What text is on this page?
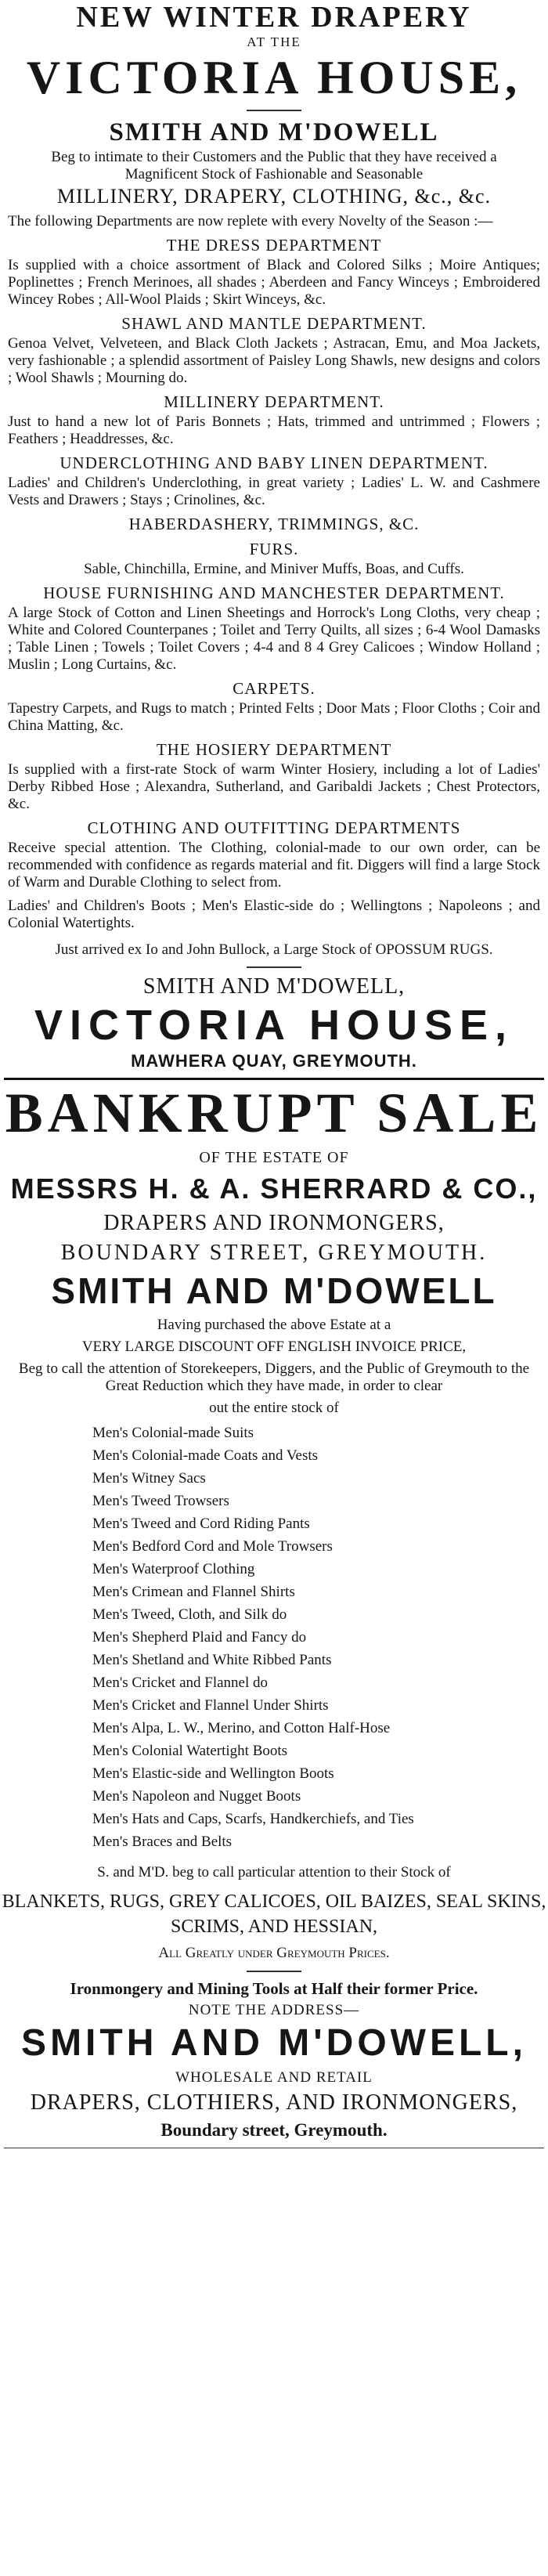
NEW WINTER DRAPERY
AT THE
VICTORIA HOUSE,
SMITH AND M'DOWELL
Beg to intimate to their Customers and the Public that they have received a
Magnificent Stock of Fashionable and Seasonable
MILLINERY, DRAPERY, CLOTHING, &c., &c.
The following Departments are now replete with every Novelty of the Season :—
THE DRESS DEPARTMENT
Is supplied with a choice assortment of Black and Colored Silks ; Moire Antiques; Poplinettes ; French Merinoes, all shades ; Aberdeen and Fancy Winceys ; Embroidered Wincey Robes ; All-Wool Plaids ; Skirt Winceys, &c.
SHAWL AND MANTLE DEPARTMENT.
Genoa Velvet, Velveteen, and Black Cloth Jackets ; Astracan, Emu, and Moa Jackets, very fashionable ; a splendid assortment of Paisley Long Shawls, new designs and colors ; Wool Shawls ; Mourning do.
MILLINERY DEPARTMENT.
Just to hand a new lot of Paris Bonnets ; Hats, trimmed and untrimmed ; Flowers ; Feathers ; Headdresses, &c.
UNDERCLOTHING AND BABY LINEN DEPARTMENT.
Ladies' and Children's Underclothing, in great variety ; Ladies' L. W. and Cashmere Vests and Drawers ; Stays ; Crinolines, &c.
HABERDASHERY, TRIMMINGS, &C.
FURS.
Sable, Chinchilla, Ermine, and Miniver Muffs, Boas, and Cuffs.
HOUSE FURNISHING AND MANCHESTER DEPARTMENT.
A large Stock of Cotton and Linen Sheetings and Horrock's Long Cloths, very cheap ; White and Colored Counterpanes ; Toilet and Terry Quilts, all sizes ; 6-4 Wool Damasks ; Table Linen ; Towels ; Toilet Covers ; 4-4 and 8 4 Grey Calicoes ; Window Holland ; Muslin ; Long Curtains, &c.
CARPETS.
Tapestry Carpets, and Rugs to match ; Printed Felts ; Door Mats ; Floor Cloths ; Coir and China Matting, &c.
THE HOSIERY DEPARTMENT
Is supplied with a first-rate Stock of warm Winter Hosiery, including a lot of Ladies' Derby Ribbed Hose ; Alexandra, Sutherland, and Garibaldi Jackets ; Chest Protectors, &c.
CLOTHING AND OUTFITTING DEPARTMENTS
Receive special attention. The Clothing, colonial-made to our own order, can be recommended with confidence as regards material and fit. Diggers will find a large Stock of Warm and Durable Clothing to select from.
Ladies' and Children's Boots ; Men's Elastic-side do ; Wellingtons ; Napoleons ; and Colonial Watertights.
Just arrived ex Io and John Bullock, a Large Stock of OPOSSUM RUGS.
SMITH AND M'DOWELL,
VICTORIA HOUSE,
MAWHERA QUAY, GREYMOUTH.
BANKRUPT SALE
OF THE ESTATE OF
MESSRS H. & A. SHERRARD & CO.,
DRAPERS AND IRONMONGERS,
BOUNDARY STREET, GREYMOUTH.
SMITH AND M'DOWELL
Having purchased the above Estate at a
VERY LARGE DISCOUNT OFF ENGLISH INVOICE PRICE,
Beg to call the attention of Storekeepers, Diggers, and the Public of Greymouth to the Great Reduction which they have made, in order to clear
out the entire stock of
Men's Colonial-made Suits
Men's Colonial-made Coats and Vests
Men's Witney Sacs
Men's Tweed Trowsers
Men's Tweed and Cord Riding Pants
Men's Bedford Cord and Mole Trowsers
Men's Waterproof Clothing
Men's Crimean and Flannel Shirts
Men's Tweed, Cloth, and Silk do
Men's Shepherd Plaid and Fancy do
Men's Shetland and White Ribbed Pants
Men's Cricket and Flannel do
Men's Cricket and Flannel Under Shirts
Men's Alpa, L. W., Merino, and Cotton Half-Hose
Men's Colonial Watertight Boots
Men's Elastic-side and Wellington Boots
Men's Napoleon and Nugget Boots
Men's Hats and Caps, Scarfs, Handkerchiefs, and Ties
Men's Braces and Belts
S. and M'D. beg to call particular attention to their Stock of
BLANKETS, RUGS, GREY CALICOES, OIL BAIZES, SEAL SKINS,
SCRIMS, AND HESSIAN,
All Greatly under Greymouth Prices.
Ironmongery and Mining Tools at Half their former Price.
NOTE THE ADDRESS—
SMITH AND M'DOWELL,
WHOLESALE AND RETAIL
DRAPERS, CLOTHIERS, AND IRONMONGERS,
Boundary street, Greymouth.
